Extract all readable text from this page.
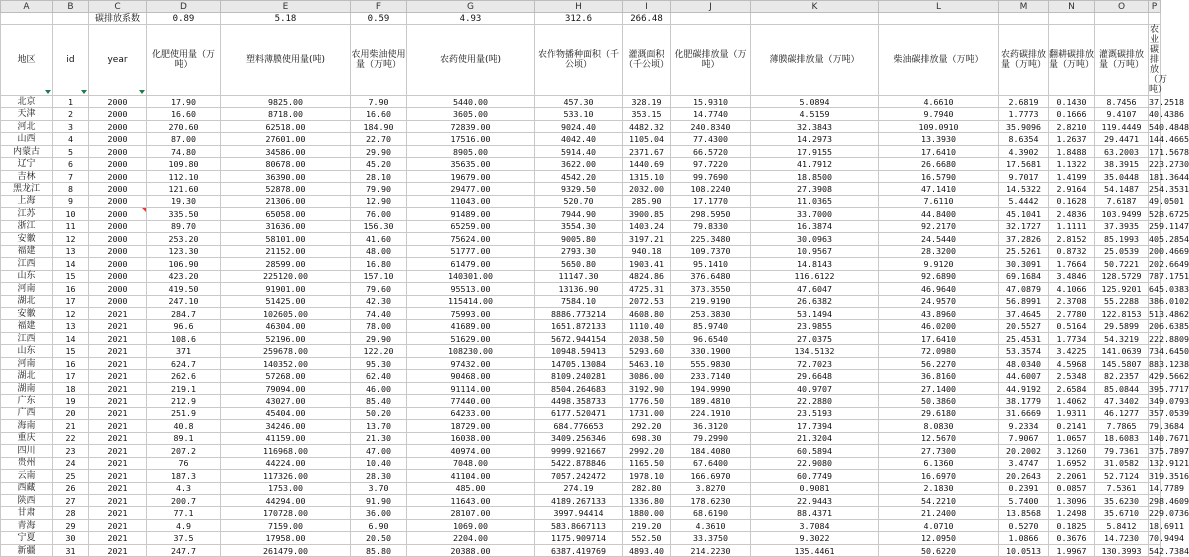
A	B	C	D	E	F	G	H	I	J	K	L	M	N	O	P
		碳排放系数	0.89	5.18	0.59	4.93	312.6	266.48							
地区	id	year	化肥使用量（万吨）	塑料薄膜使用量(吨)	农用柴油使用量（万吨）	农药使用量(吨)	农作物播种面积（千公顷）	灌溉面积（千公顷）	化肥碳排放量（万吨）	薄膜碳排放量（万吨）	柴油碳排放量（万吨）	农药碳排放量（万吨）	翻耕碳排放量（万吨）	灌溉碳排放量（万吨）	农业碳排放（万吨）
北京	1	2000	17.90	9825.00	7.90	5440.00	457.30	328.19	15.9310	5.0894	4.6610	2.6819	0.1430	8.7456	37.2518
天津	2	2000	16.60	8718.00	16.60	3605.00	533.10	353.15	14.7740	4.5159	9.7940	1.7773	0.1666	9.4107	40.4386
河北	3	2000	270.60	62518.00	184.90	72839.00	9024.40	4482.32	240.8340	32.3843	109.0910	35.9096	2.8210	119.4449	540.4848
山西	4	2000	87.00	27601.00	22.70	17516.00	4042.40	1105.04	77.4300	14.2973	13.3930	8.6354	1.2637	29.4471	144.4665
内蒙古	5	2000	74.80	34586.00	29.90	8905.00	5914.40	2371.67	66.5720	17.9155	17.6410	4.3902	1.8488	63.2003	171.5678
辽宁	6	2000	109.80	80678.00	45.20	35635.00	3622.00	1440.69	97.7220	41.7912	26.6680	17.5681	1.1322	38.3915	223.2730
吉林	7	2000	112.10	36390.00	28.10	19679.00	4542.20	1315.10	99.7690	18.8500	16.5790	9.7017	1.4199	35.0448	181.3644
黑龙江	8	2000	121.60	52878.00	79.90	29477.00	9329.50	2032.00	108.2240	27.3908	47.1410	14.5322	2.9164	54.1487	254.3531
上海	9	2000	19.30	21306.00	12.90	11043.00	520.70	285.90	17.1770	11.0365	7.6110	5.4442	0.1628	7.6187	49.0501
江苏	10	2000	335.50	65058.00	76.00	91489.00	7944.90	3900.85	298.5950	33.7000	44.8400	45.1041	2.4836	103.9499	528.6725
浙江	11	2000	89.70	31636.00	156.30	65259.00	3554.30	1403.24	79.8330	16.3874	92.2170	32.1727	1.1111	37.3935	259.1147
安徽	12	2000	253.20	58101.00	41.60	75624.00	9005.80	3197.21	225.3480	30.0963	24.5440	37.2826	2.8152	85.1993	405.2854
福建	13	2000	123.30	21152.00	48.00	51777.00	2793.30	940.18	109.7370	10.9567	28.3200	25.5261	0.8732	25.0539	200.4669
江西	14	2000	106.90	28599.00	16.80	61479.00	5650.80	1903.41	95.1410	14.8143	9.9120	30.3091	1.7664	50.7221	202.6649
山东	15	2000	423.20	225120.00	157.10	140301.00	11147.30	4824.86	376.6480	116.6122	92.6890	69.1684	3.4846	128.5729	787.1751
河南	16	2000	419.50	91901.00	79.60	95513.00	13136.90	4725.31	373.3550	47.6047	46.9640	47.0879	4.1066	125.9201	645.0383
湖北	17	2000	247.10	51425.00	42.30	115414.00	7584.10	2072.53	219.9190	26.6382	24.9570	56.8991	2.3708	55.2288	386.0102
安徽	12	2021	284.7	102605.00	74.40	75993.00	8886.773214	4608.80	253.3830	53.1494	43.8960	37.4645	2.7780	122.8153	513.4862
福建	13	2021	96.6	46304.00	78.00	41689.00	1651.872133	1110.40	85.9740	23.9855	46.0200	20.5527	0.5164	29.5899	206.6385
江西	14	2021	108.6	52196.00	29.90	51629.00	5672.944154	2038.50	96.6540	27.0375	17.6410	25.4531	1.7734	54.3219	222.8809
山东	15	2021	371	259678.00	122.20	108230.00	10948.59413	5293.60	330.1900	134.5132	72.0980	53.3574	3.4225	141.0639	734.6450
河南	16	2021	624.7	140352.00	95.30	97432.00	14705.13084	5463.10	555.9830	72.7023	56.2270	48.0340	4.5968	145.5807	883.1238
湖北	17	2021	262.6	57268.00	62.40	90468.00	8109.240281	3086.00	233.7140	29.6648	36.8160	44.6007	2.5348	82.2357	429.5662
湖南	18	2021	219.1	79094.00	46.00	91114.00	8504.264683	3192.90	194.9990	40.9707	27.1400	44.9192	2.6584	85.0844	395.7717
广东	19	2021	212.9	43027.00	85.40	77440.00	4498.358733	1776.50	189.4810	22.2880	50.3860	38.1779	1.4062	47.3402	349.0793
广西	20	2021	251.9	45404.00	50.20	64233.00	6177.520471	1731.00	224.1910	23.5193	29.6180	31.6669	1.9311	46.1277	357.0539
海南	21	2021	40.8	34246.00	13.70	18729.00	684.776653	292.20	36.3120	17.7394	8.0830	9.2334	0.2141	7.7865	79.3684
重庆	22	2021	89.1	41159.00	21.30	16038.00	3409.256346	698.30	79.2990	21.3204	12.5670	7.9067	1.0657	18.6083	140.7671
四川	23	2021	207.2	116968.00	47.00	40974.00	9999.921667	2992.20	184.4080	60.5894	27.7300	20.2002	3.1260	79.7361	375.7897
贵州	24	2021	76	44224.00	10.40	7048.00	5422.878846	1165.50	67.6400	22.9080	6.1360	3.4747	1.6952	31.0582	132.9121
云南	25	2021	187.3	117326.00	28.30	41104.00	7057.242472	1978.10	166.6970	60.7749	16.6970	20.2643	2.2061	52.7124	319.3516
西藏	26	2021	4.3	1753.00	3.70	485.00	274.19	282.80	3.8270	0.9081	2.1830	0.2391	0.0857	7.5361	14.7789
陕西	27	2021	200.7	44294.00	91.90	11643.00	4189.267133	1336.80	178.6230	22.9443	54.2210	5.7400	1.3096	35.6230	298.4609
甘肃	28	2021	77.1	170728.00	36.00	28107.00	3997.94414	1880.00	68.6190	88.4371	21.2400	13.8568	1.2498	35.6710	229.0736
青海	29	2021	4.9	7159.00	6.90	1069.00	583.8667113	219.20	4.3610	3.7084	4.0710	0.5270	0.1825	5.8412	18.6911
宁夏	30	2021	37.5	17958.00	20.50	2204.00	1175.909714	552.50	33.3750	9.3022	12.0950	1.0866	0.3676	14.7230	70.9494
新疆	31	2021	247.7	261479.00	85.80	20388.00	6387.419769	4893.40	214.2230	135.4461	50.6220	10.0513	1.9967	130.3993	542.7384
